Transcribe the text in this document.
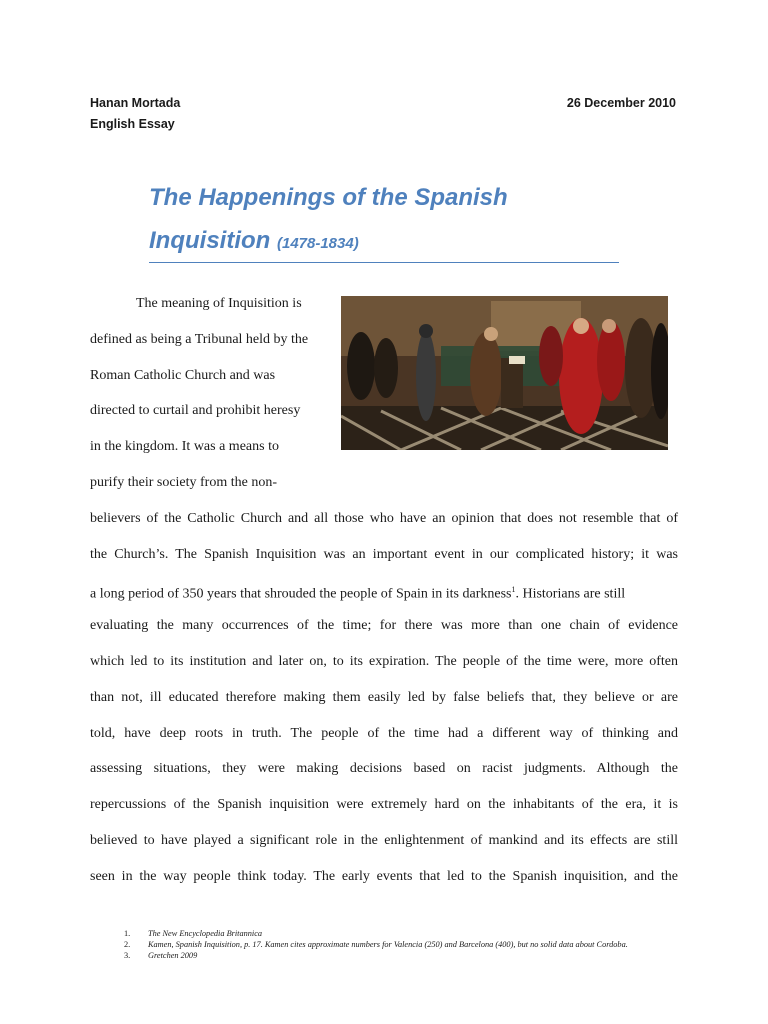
Hanan Mortada
English Essay
26 December 2010
The Happenings of the Spanish
Inquisition (1478-1834)
The meaning of Inquisition is
defined as being a Tribunal held by the
Roman Catholic Church and was
directed to curtail and prohibit heresy
in the kingdom. It was a means to
purify their society from the non-
believers of the Catholic Church and all those who have an opinion that does not resemble that of
the Church’s. The Spanish Inquisition was an important event in our complicated history; it was
a long period of 350 years that shrouded the people of Spain in its darkness$^1$. Historians are still
evaluating the many occurrences of the time; for there was more than one chain of evidence
which led to its institution and later on, to its expiration. The people of the time were, more often
than not, ill educated therefore making them easily led by false beliefs that, they believe or are
told, have deep roots in truth. The people of the time had a different way of thinking and
assessing situations, they were making decisions based on racist judgments. Although the
repercussions of the Spanish inquisition were extremely hard on the inhabitants of the era, it is
believed to have played a significant role in the enlightenment of mankind and its effects are still
seen in the way people think today. The early events that led to the Spanish inquisition, and the
1.	The New Encyclopedia Britannica
2.	Kamen, Spanish Inquisition, p. 17. Kamen cites approximate numbers for Valencia (250) and Barcelona (400), but no solid data about Cordoba.
3.	Gretchen 2009
